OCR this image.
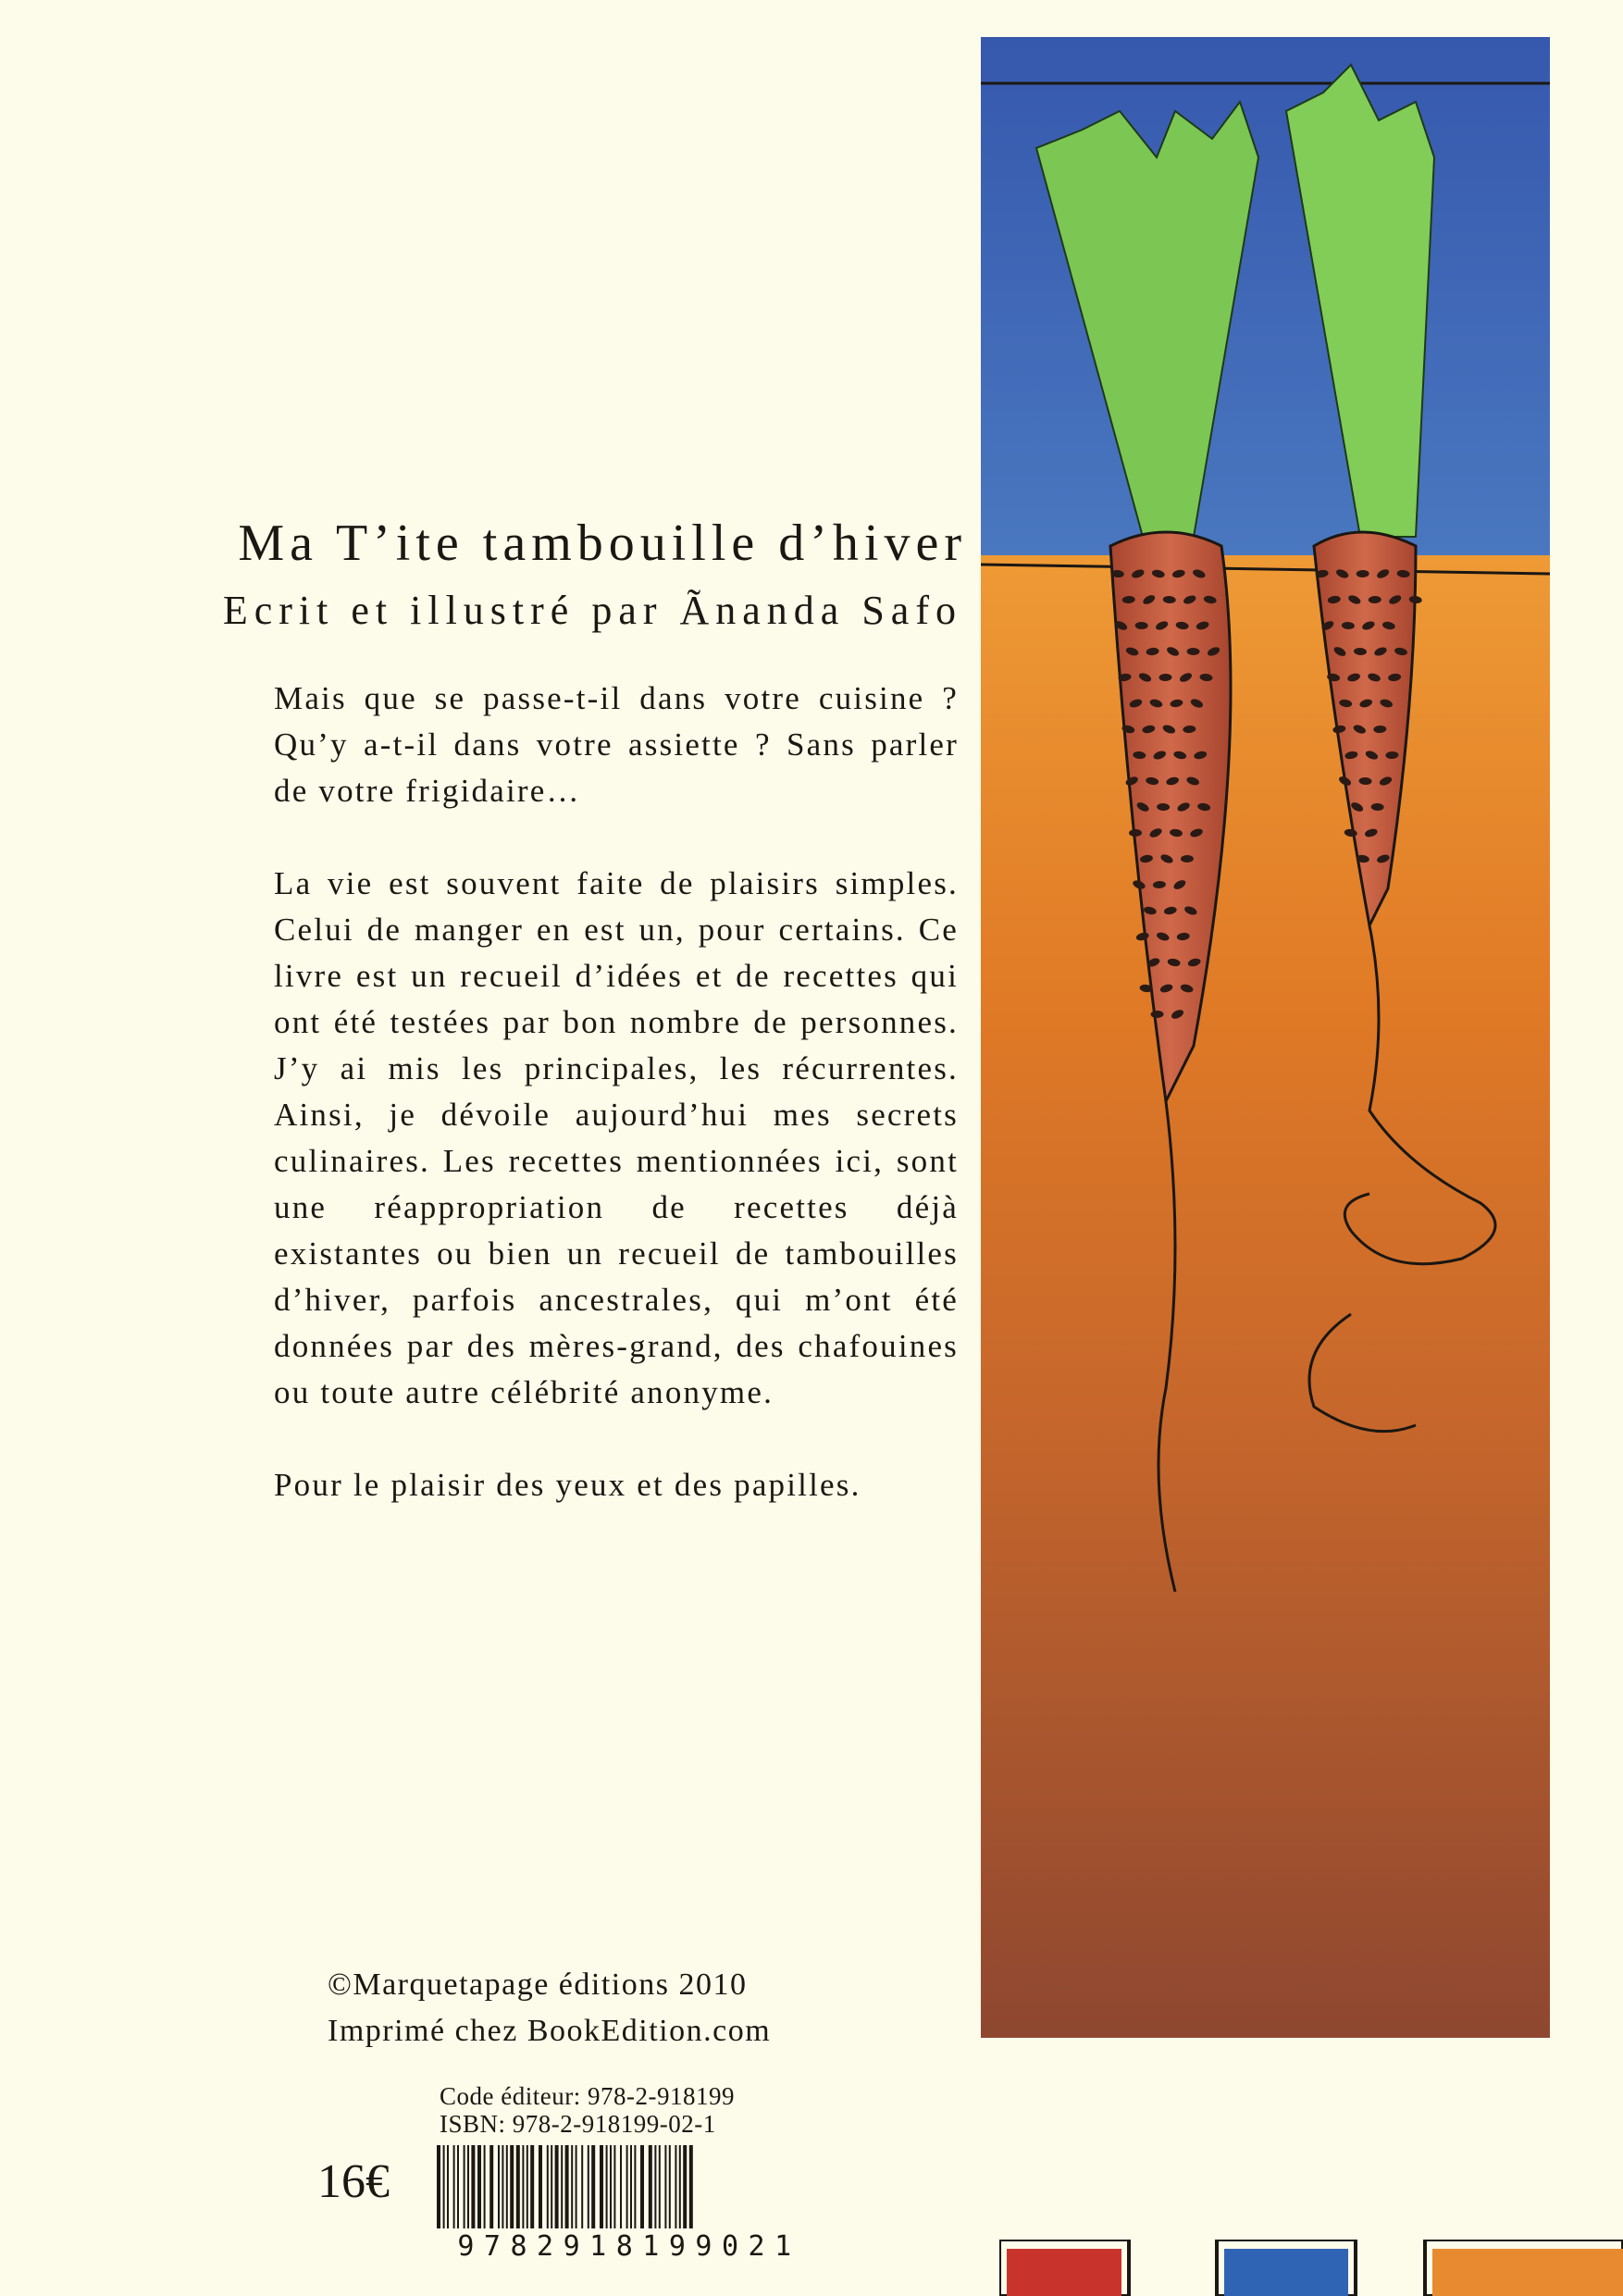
Ma T’ite tambouille d’hiver
Ecrit et illustré par Ãnanda Safo

Mais que se passe-t-il dans votre cuisine ? Qu’y a-t-il dans votre assiette ? Sans parler de votre frigidaire…

La vie est souvent faite de plaisirs simples. Celui de manger en est un, pour certains. Ce livre est un recueil d’idées et de recettes qui ont été testées par bon nombre de personnes. J’y ai mis les principales, les récurrentes. Ainsi, je dévoile aujourd’hui mes secrets culinaires. Les recettes mentionnées ici, sont une réappropriation de recettes déjà existantes ou bien un recueil de tambouilles d’hiver, parfois ancestrales, qui m’ont été données par des mères-grand, des chafouines ou toute autre célébrité anonyme.

Pour le plaisir des yeux et des papilles.

©Marquetapage éditions 2010
Imprimé chez BookEdition.com
Code éditeur: 978-2-918199
ISBN: 978-2-918199-02-1
16€
9782918199021
